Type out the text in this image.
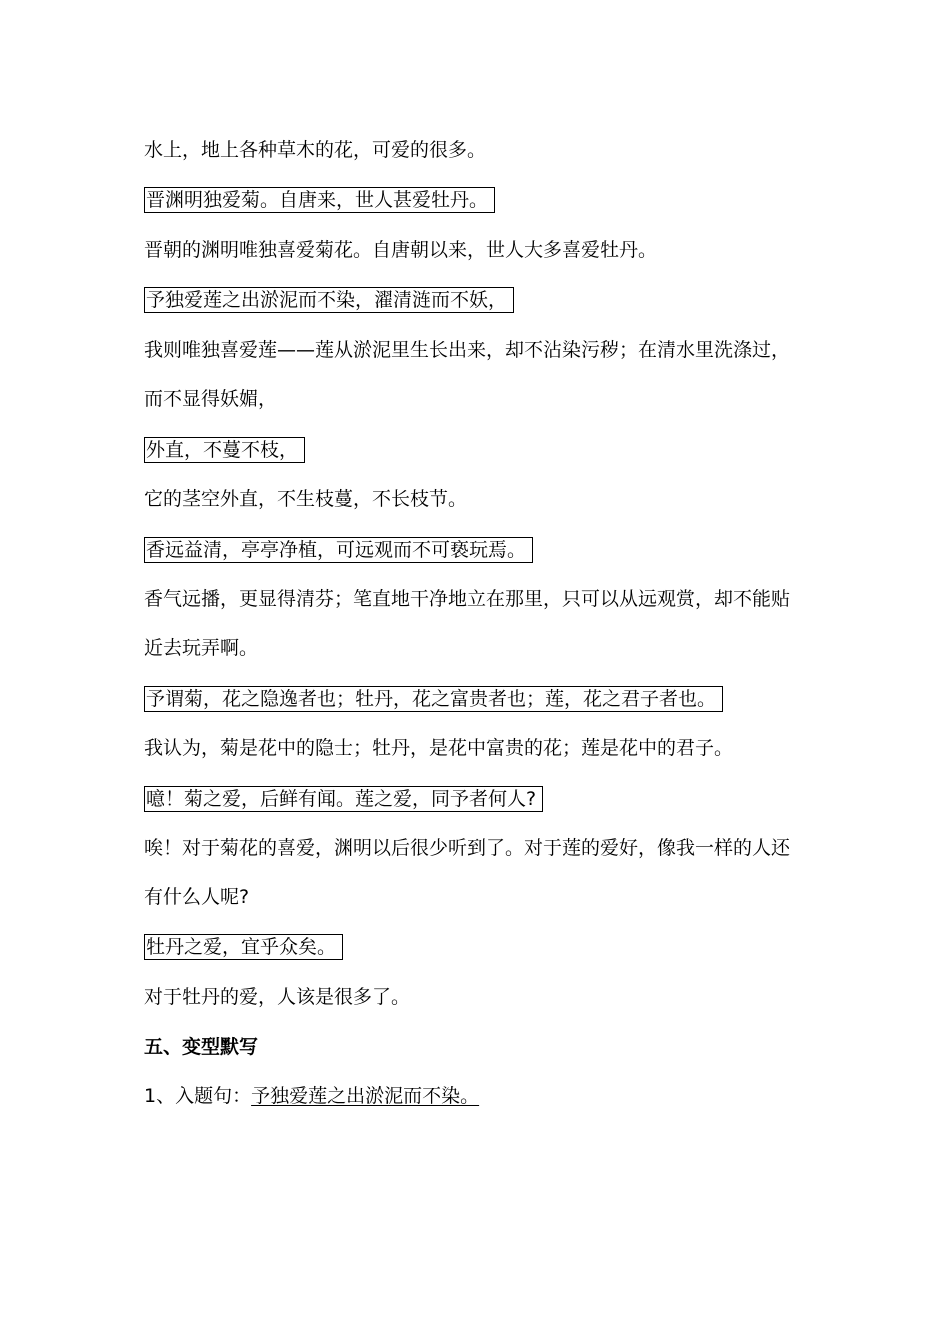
水上，地上各种草木的花，可爱的很多。
晋渊明独爱菊。自唐来，世人甚爱牡丹。
晋朝的渊明唯独喜爱菊花。自唐朝以来，世人大多喜爱牡丹。
予独爱莲之出淤泥而不染，濯清涟而不妖，
我则唯独喜爱莲——莲从淤泥里生长出来，却不沾染污秽；在清水里洗涤过，
而不显得妖媚，
外直，不蔓不枝，
它的茎空外直，不生枝蔓，不长枝节。
香远益清，亭亭净植，可远观而不可亵玩焉。
香气远播，更显得清芬；笔直地干净地立在那里，只可以从远观赏，却不能贴
近去玩弄啊。
予谓菊，花之隐逸者也；牡丹，花之富贵者也；莲，花之君子者也。
我认为，菊是花中的隐士；牡丹，是花中富贵的花；莲是花中的君子。
噫！菊之爱，后鲜有闻。莲之爱，同予者何人?
唉！对于菊花的喜爱，渊明以后很少听到了。对于莲的爱好，像我一样的人还
有什么人呢?
牡丹之爱，宜乎众矣。
对于牡丹的爱，人该是很多了。
五、变型默写
1、入题句：予独爱莲之出淤泥而不染。
